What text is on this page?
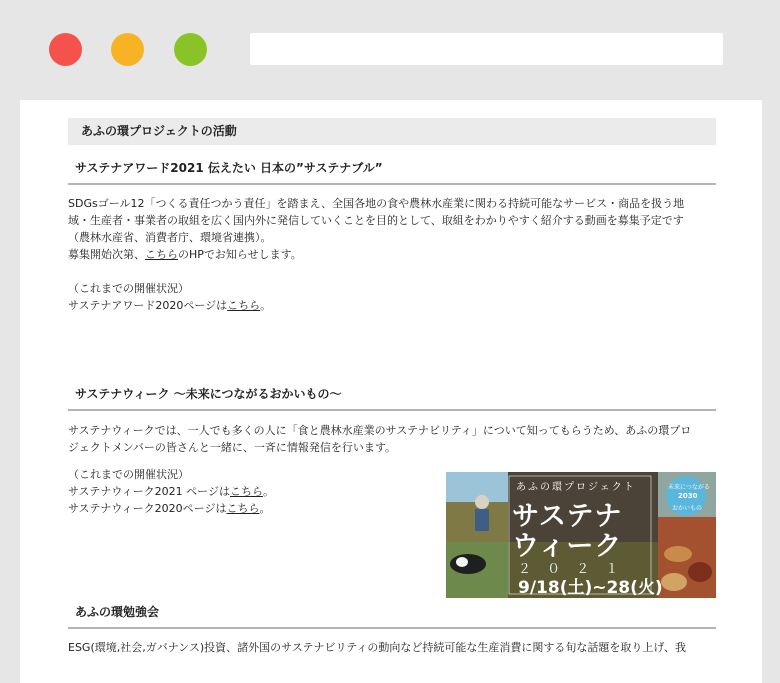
あふの環プロジェクトの活動
サステナアワード2021 伝えたい 日本の”サステナブル”

SDGsゴール12「つくる責任つかう責任」を踏まえ、全国各地の食や農林水産業に関わる持続可能なサービス・商品を扱う地

域・生産者・事業者の取組を広く国内外に発信していくことを目的として、取組をわかりやすく紹介する動画を募集予定です

（農林水産省、消費者庁、環境省連携）。

募集開始次第、こちらのHPでお知らせします。

（これまでの開催状況）

サステナアワード2020ページはこちら。

サステナウィーク ～未来につながるおかいもの～

サステナウィークでは、一人でも多くの人に「食と農林水産業のサステナビリティ」について知ってもらうため、あふの環プロ

ジェクトメンバーの皆さんと一緒に、一斉に情報発信を行います。

（これまでの開催状況）

サステナウィーク2021 ページはこちら。

サステナウィーク2020ページはこちら。

あふの環プロジェクト
サステナ
ウィーク
２ ０ ２ １
9/18(土)~28(火)
未来につながる
2030
おかいもの
あふの環勉強会

ESG(環境,社会,ガバナンス)投資、諸外国のサステナビリティの動向など持続可能な生産消費に関する旬な話題を取り上げ、我
